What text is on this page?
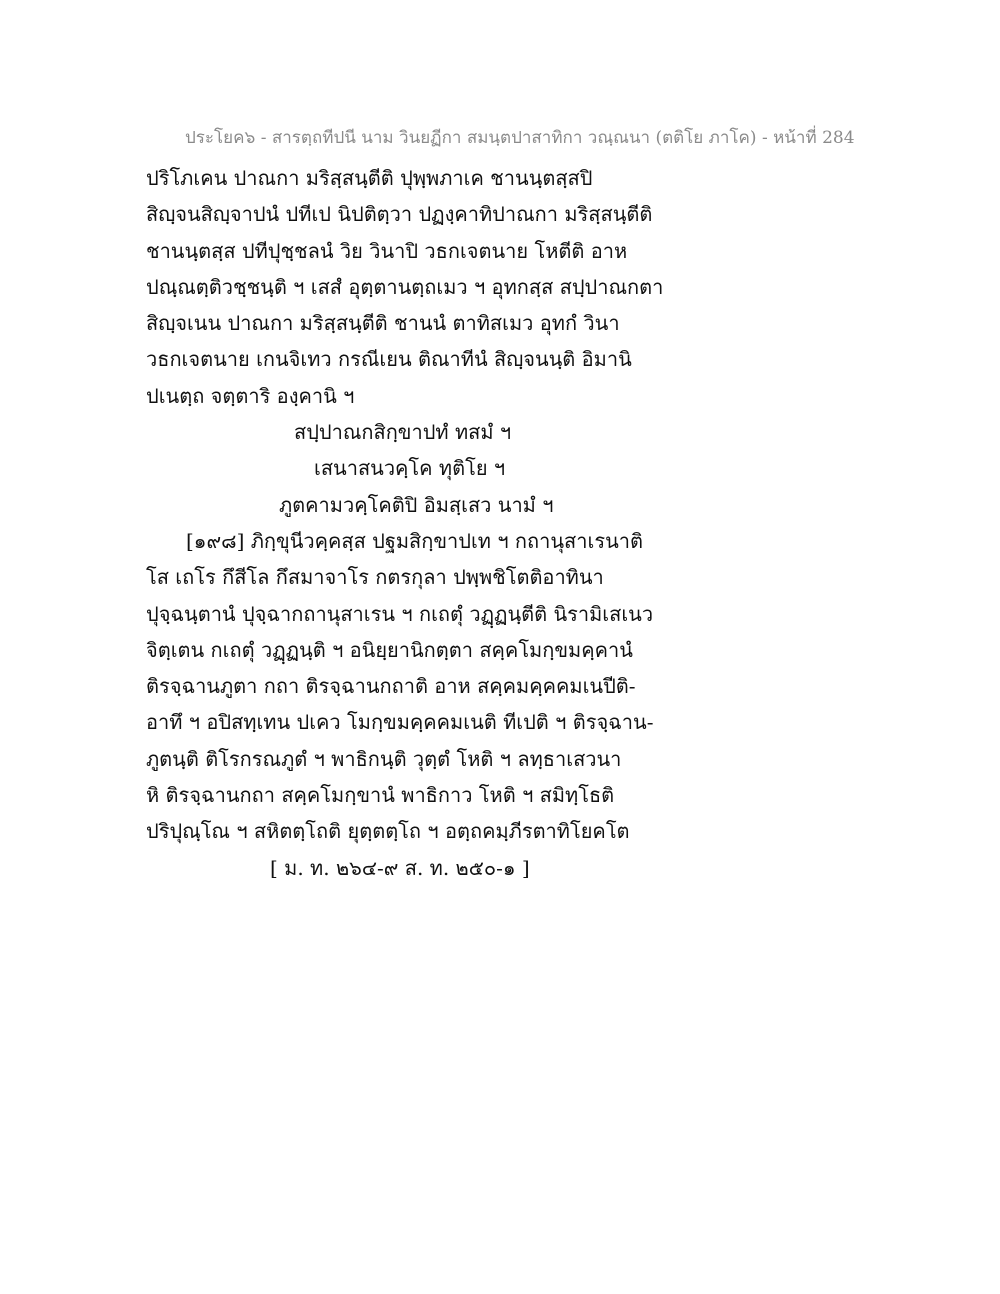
ประโยค๖ - สารตฺถทีปนี นาม วินยฏีกา สมนฺตปาสาทิกา วณฺณนา (ตติโย ภาโค) - หน้าที่ 284
ปริโภเคน ปาณกา มริสฺสนฺตีติ ปุพฺพภาเค ชานนฺตสฺสปิ
สิญฺจนสิญฺจาปนํ ปทีเป นิปติตฺวา ปฏงฺคาทิปาณกา มริสฺสนฺตีติ
ชานนฺตสฺส ปทีปุชฺชลนํ วิย วินาปิ วธกเจตนาย โหตีติ อาห
ปณฺณตฺติวชฺชนฺติ ฯ เสสํ อุตฺตานตฺถเมว ฯ อุทกสฺส สปฺปาณกตา
สิญฺจเนน ปาณกา มริสฺสนฺตีติ ชานนํ ตาทิสเมว อุทกํ วินา
วธกเจตนาย เกนจิเทว กรณีเยน ติณาทีนํ สิญฺจนนฺติ อิมานิ
ปเนตฺถ จตฺตาริ องฺคานิ ฯ
สปฺปาณกสิกฺขาปทํ ทสมํ ฯ
เสนาสนวคฺโค ทุติโย ฯ
ภูตคามวคฺโคติปิ อิมสฺเสว นามํ ฯ
[๑๙๘] ภิกฺขุนีวคฺคสฺส ปฐมสิกฺขาปเท ฯ กถานุสาเรนาติ
โส เถโร กึสีโล กึสมาจาโร กตรกุลา ปพฺพชิโตติอาทินา
ปุจฺฉนฺตานํ ปุจฺฉากถานุสาเรน ฯ กเถตุํ วฏฺฏนฺตีติ นิรามิเสเนว
จิตฺเตน กเถตุํ วฏฺฏนฺติ ฯ อนิยฺยานิกตฺตา สคฺคโมกฺขมคฺคานํ
ติรจฺฉานภูตา กถา ติรจฺฉานกถาติ อาห สคฺคมคฺคคมเนปีติ-
อาทึ ฯ อปิสทฺเทน ปเคว โมกฺขมคฺคคมเนติ ทีเปติ ฯ ติรจฺฉาน-
ภูตนฺติ ติโรกรณภูตํ ฯ พาธิกนฺติ วุตฺตํ โหติ ฯ ลทฺธาเสวนา
หิ ติรจฺฉานกถา สคฺคโมกฺขานํ พาธิกาว โหติ ฯ สมิทฺโธติ
ปริปุณฺโณ ฯ สหิตตฺโถติ ยุตฺตตฺโถ ฯ อตฺถคมฺภีรตาทิโยคโต
[ ม. ท. ๒๖๔-๙ ส. ท. ๒๕๐-๑ ]
